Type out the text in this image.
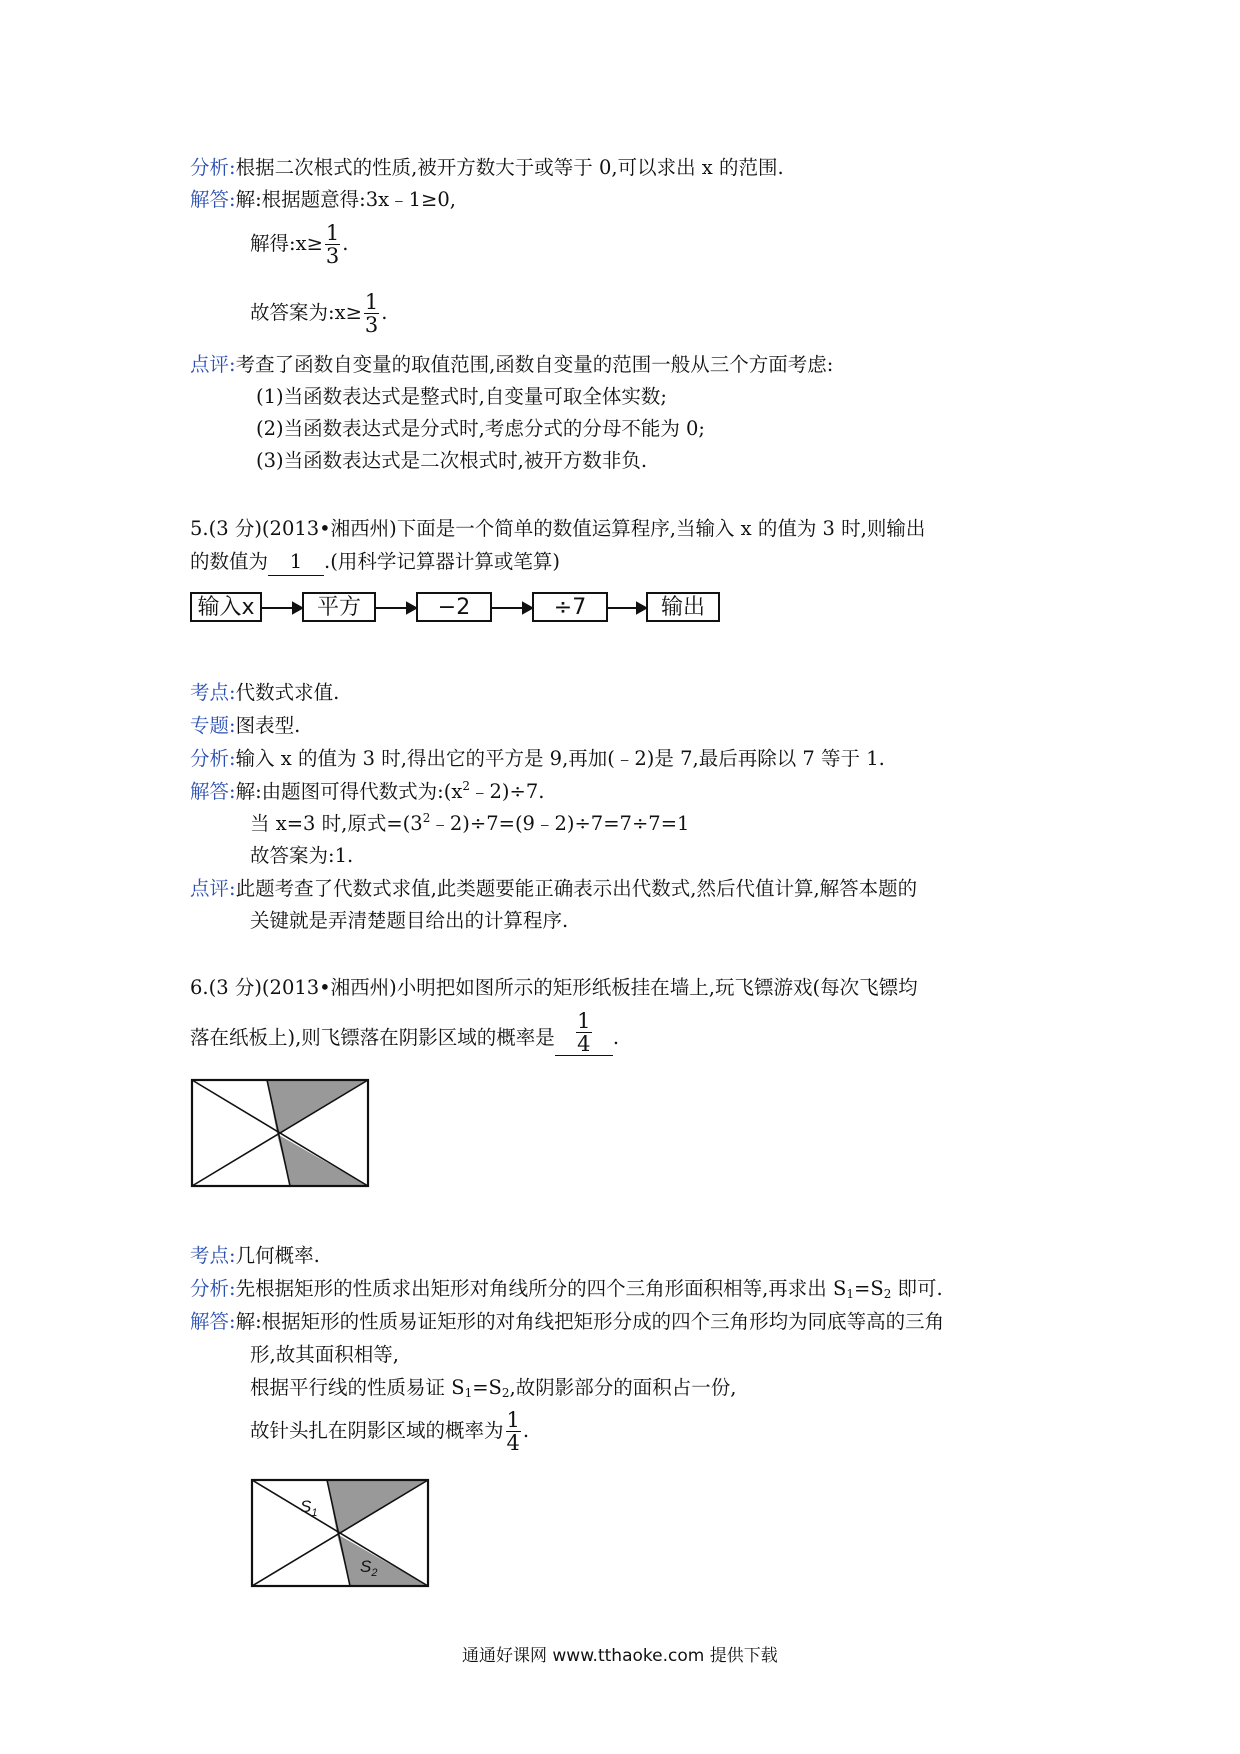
分析:根据二次根式的性质,被开方数大于或等于 0,可以求出 x 的范围.
解答:解:根据题意得:3x﹣1≥0,
解得:x≥ $\frac{1}{3}$ .
故答案为:x≥ $\frac{1}{3}$ .
点评:考查了函数自变量的取值范围,函数自变量的范围一般从三个方面考虑:
(1)当函数表达式是整式时,自变量可取全体实数;
(2)当函数表达式是分式时,考虑分式的分母不能为 0;
(3)当函数表达式是二次根式时,被开方数非负.
5.(3 分)(2013•湘西州)下面是一个简单的数值运算程序,当输入 x 的值为 3 时,则输出
的数值为 1 .(用科学记算器计算或笔算)
输入x	平方	−2	÷7	输出
考点:代数式求值.
专题:图表型.
分析:输入 x 的值为 3 时,得出它的平方是 9,再加(﹣2)是 7,最后再除以 7 等于 1.
解答:解:由题图可得代数式为$:(x^2﹣2)\div 7$.
当 x=3 时,原式$=(3^2﹣2)\div 7=(9﹣2)\div 7=7\div 7=1$
故答案为:1.
点评:此题考查了代数式求值,此类题要能正确表示出代数式,然后代值计算,解答本题的
关键就是弄清楚题目给出的计算程序.
6.(3 分)(2013•湘西州)小明把如图所示的矩形纸板挂在墙上,玩飞镖游戏(每次飞镖均
落在纸板上),则飞镖落在阴影区域的概率是 $\frac{1}{4}$ .
考点:几何概率.
分析:先根据矩形的性质求出矩形对角线所分的四个三角形面积相等,再求出 $S_1=S_2$ 即可.
解答:解:根据矩形的性质易证矩形的对角线把矩形分成的四个三角形均为同底等高的三角
形,故其面积相等,
根据平行线的性质易证 $S_1=S_2$,故阴影部分的面积占一份,
故针头扎在阴影区域的概率为 $\frac{1}{4}$ .
$S_1$
$S_2$
通通好课网 www.tthaoke.com 提供下载
